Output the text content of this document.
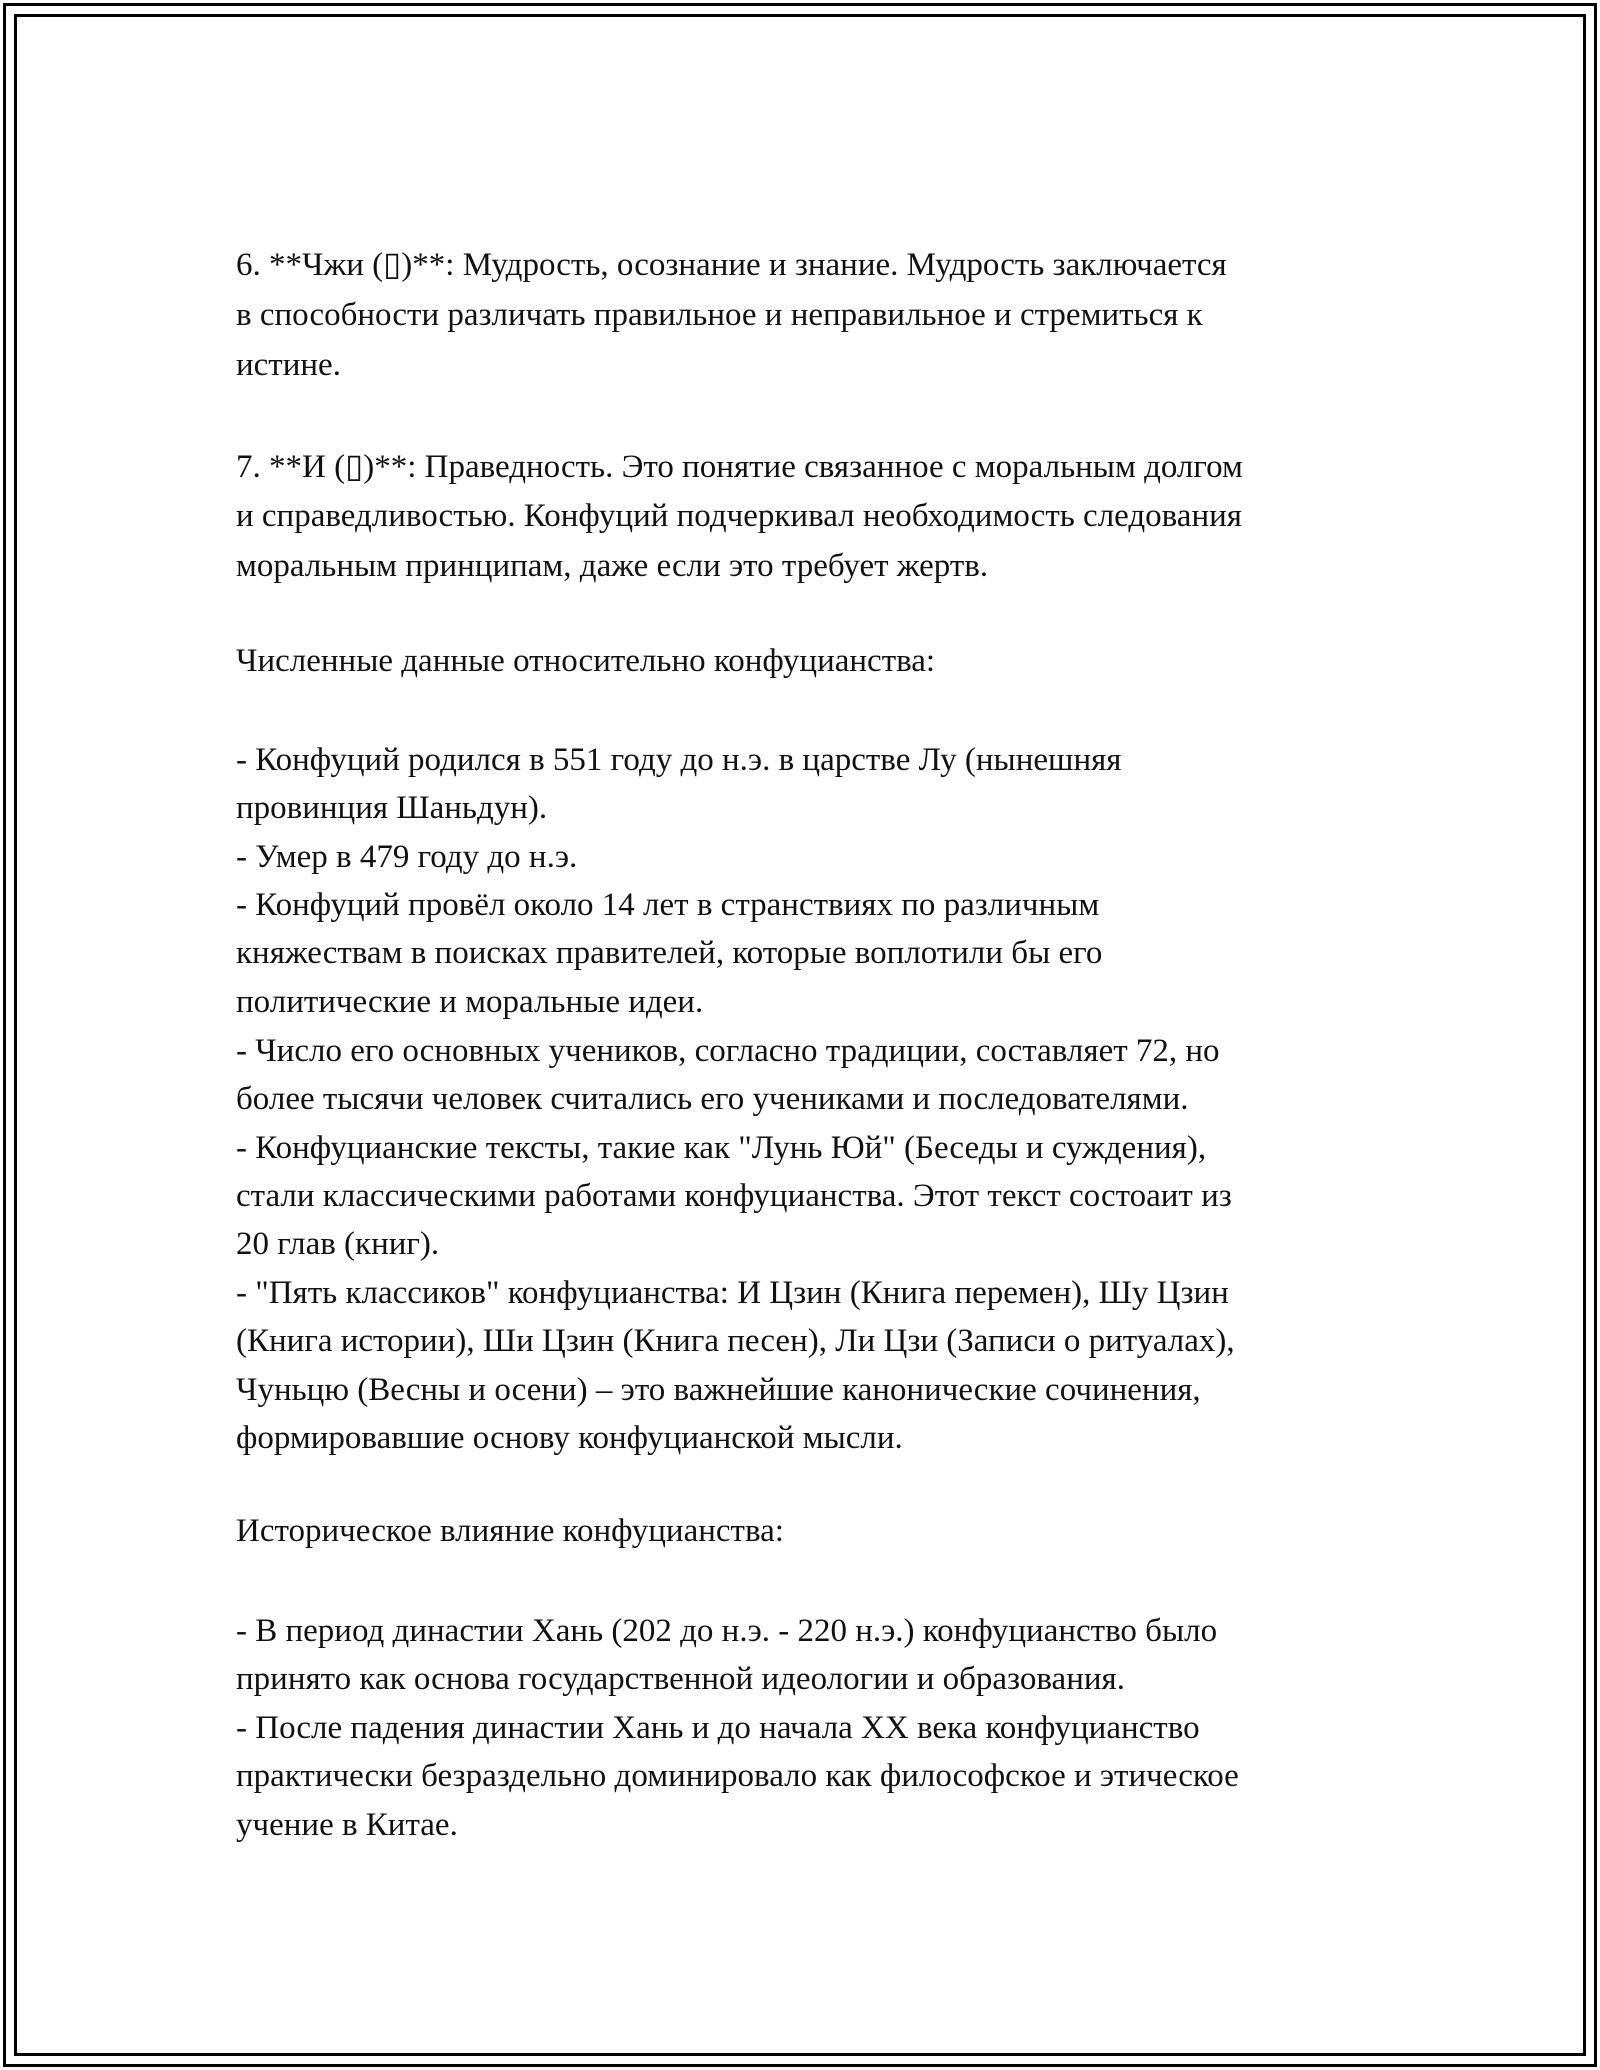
6. **Чжи (▯)**: Мудрость, осознание и знание. Мудрость заключается
в способности различать правильное и неправильное и стремиться к
истине.
7. **И (▯)**: Праведность. Это понятие связанное с моральным долгом
и справедливостью. Конфуций подчеркивал необходимость следования
моральным принципам, даже если это требует жертв.
Численные данные относительно конфуцианства:
- Конфуций родился в 551 году до н.э. в царстве Лу (нынешняя
провинция Шаньдун).
- Умер в 479 году до н.э.
- Конфуций провёл около 14 лет в странствиях по различным
княжествам в поисках правителей, которые воплотили бы его
политические и моральные идеи.
- Число его основных учеников, согласно традиции, составляет 72, но
более тысячи человек считались его учениками и последователями.
- Конфуцианские тексты, такие как "Лунь Юй" (Беседы и суждения),
стали классическими работами конфуцианства. Этот текст состоаит из
20 глав (книг).
- "Пять классиков" конфуцианства: И Цзин (Книга перемен), Шу Цзин
(Книга истории), Ши Цзин (Книга песен), Ли Цзи (Записи о ритуалах),
Чуньцю (Весны и осени) – это важнейшие канонические сочинения,
формировавшие основу конфуцианской мысли.
Историческое влияние конфуцианства:
- В период династии Хань (202 до н.э. - 220 н.э.) конфуцианство было
принято как основа государственной идеологии и образования.
- После падения династии Хань и до начала XX века конфуцианство
практически безраздельно доминировало как философское и этическое
учение в Китае.
